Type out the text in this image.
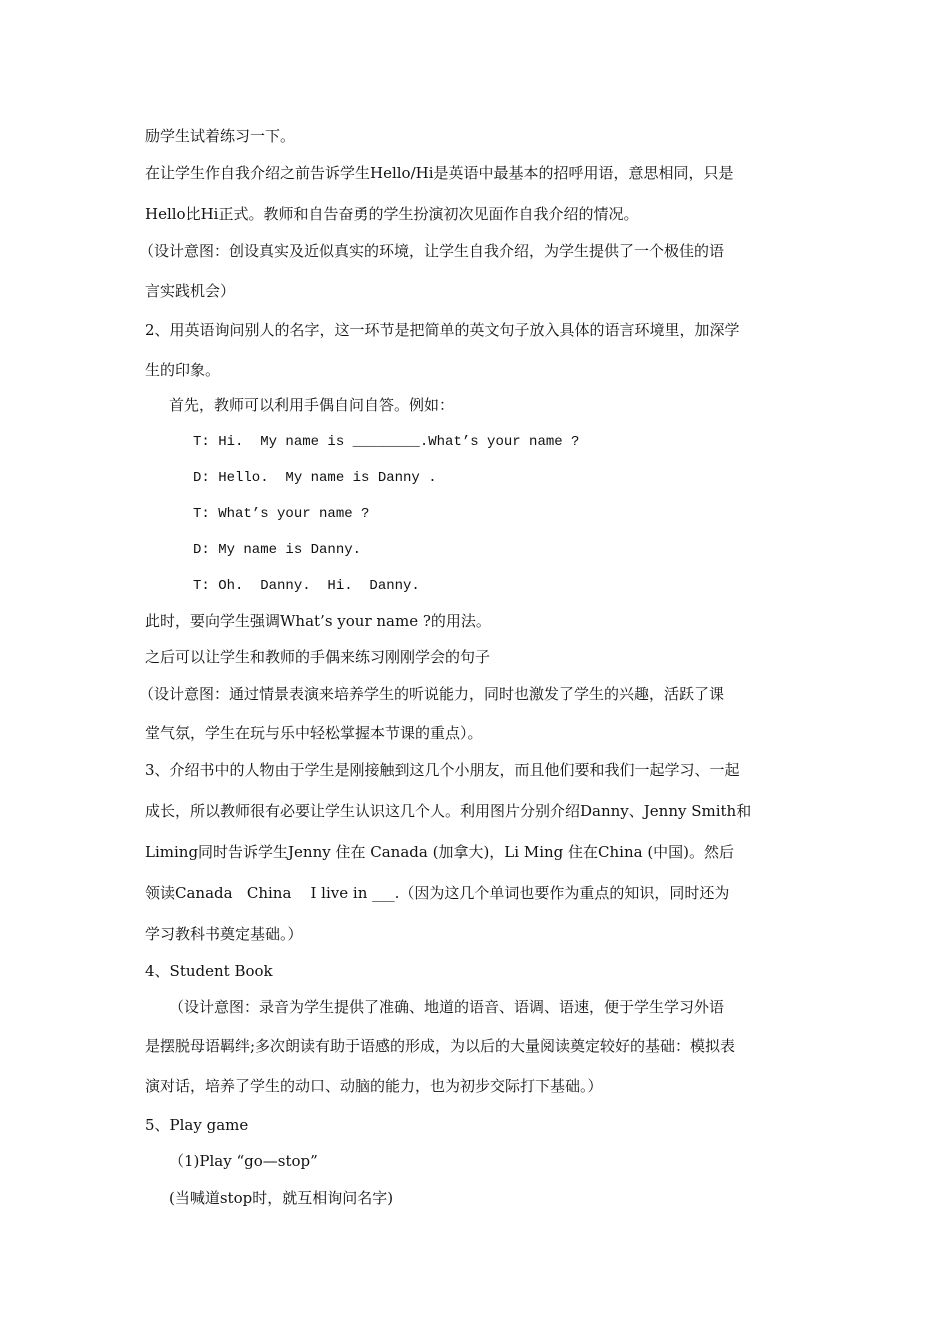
励学生试着练习一下。
在让学生作自我介绍之前告诉学生Hello/Hi是英语中最基本的招呼用语，意思相同，只是
Hello比Hi正式。教师和自告奋勇的学生扮演初次见面作自我介绍的情况。
（设计意图：创设真实及近似真实的环境，让学生自我介绍，为学生提供了一个极佳的语
言实践机会）
2、用英语询问别人的名字，这一环节是把简单的英文句子放入具体的语言环境里，加深学
生的印象。
首先，教师可以利用手偶自问自答。例如：
T: Hi.  My name is ________.What’s your name ?
D: Hello.  My name is Danny .
T: What’s your name ?
D: My name is Danny.
T: Oh.  Danny.  Hi.  Danny.
此时，要向学生强调What’s your name ?的用法。
之后可以让学生和教师的手偶来练习刚刚学会的句子
（设计意图：通过情景表演来培养学生的听说能力，同时也激发了学生的兴趣，活跃了课
堂气氛，学生在玩与乐中轻松掌握本节课的重点）。
3、介绍书中的人物由于学生是刚接触到这几个小朋友，而且他们要和我们一起学习、一起
成长，所以教师很有必要让学生认识这几个人。利用图片分别介绍Danny、Jenny Smith和
Liming同时告诉学生Jenny 住在 Canada (加拿大)，Li Ming 住在China (中国)。然后
领读Canada   China    I live in ___.（因为这几个单词也要作为重点的知识，同时还为
学习教科书奠定基础。）
4、Student Book
（设计意图：录音为学生提供了准确、地道的语音、语调、语速，便于学生学习外语
是摆脱母语羁绊;多次朗读有助于语感的形成，为以后的大量阅读奠定较好的基础：模拟表
演对话，培养了学生的动口、动脑的能力，也为初步交际打下基础。）
5、Play game
（1)Play “go—stop”
(当喊道stop时，就互相询问名字)
